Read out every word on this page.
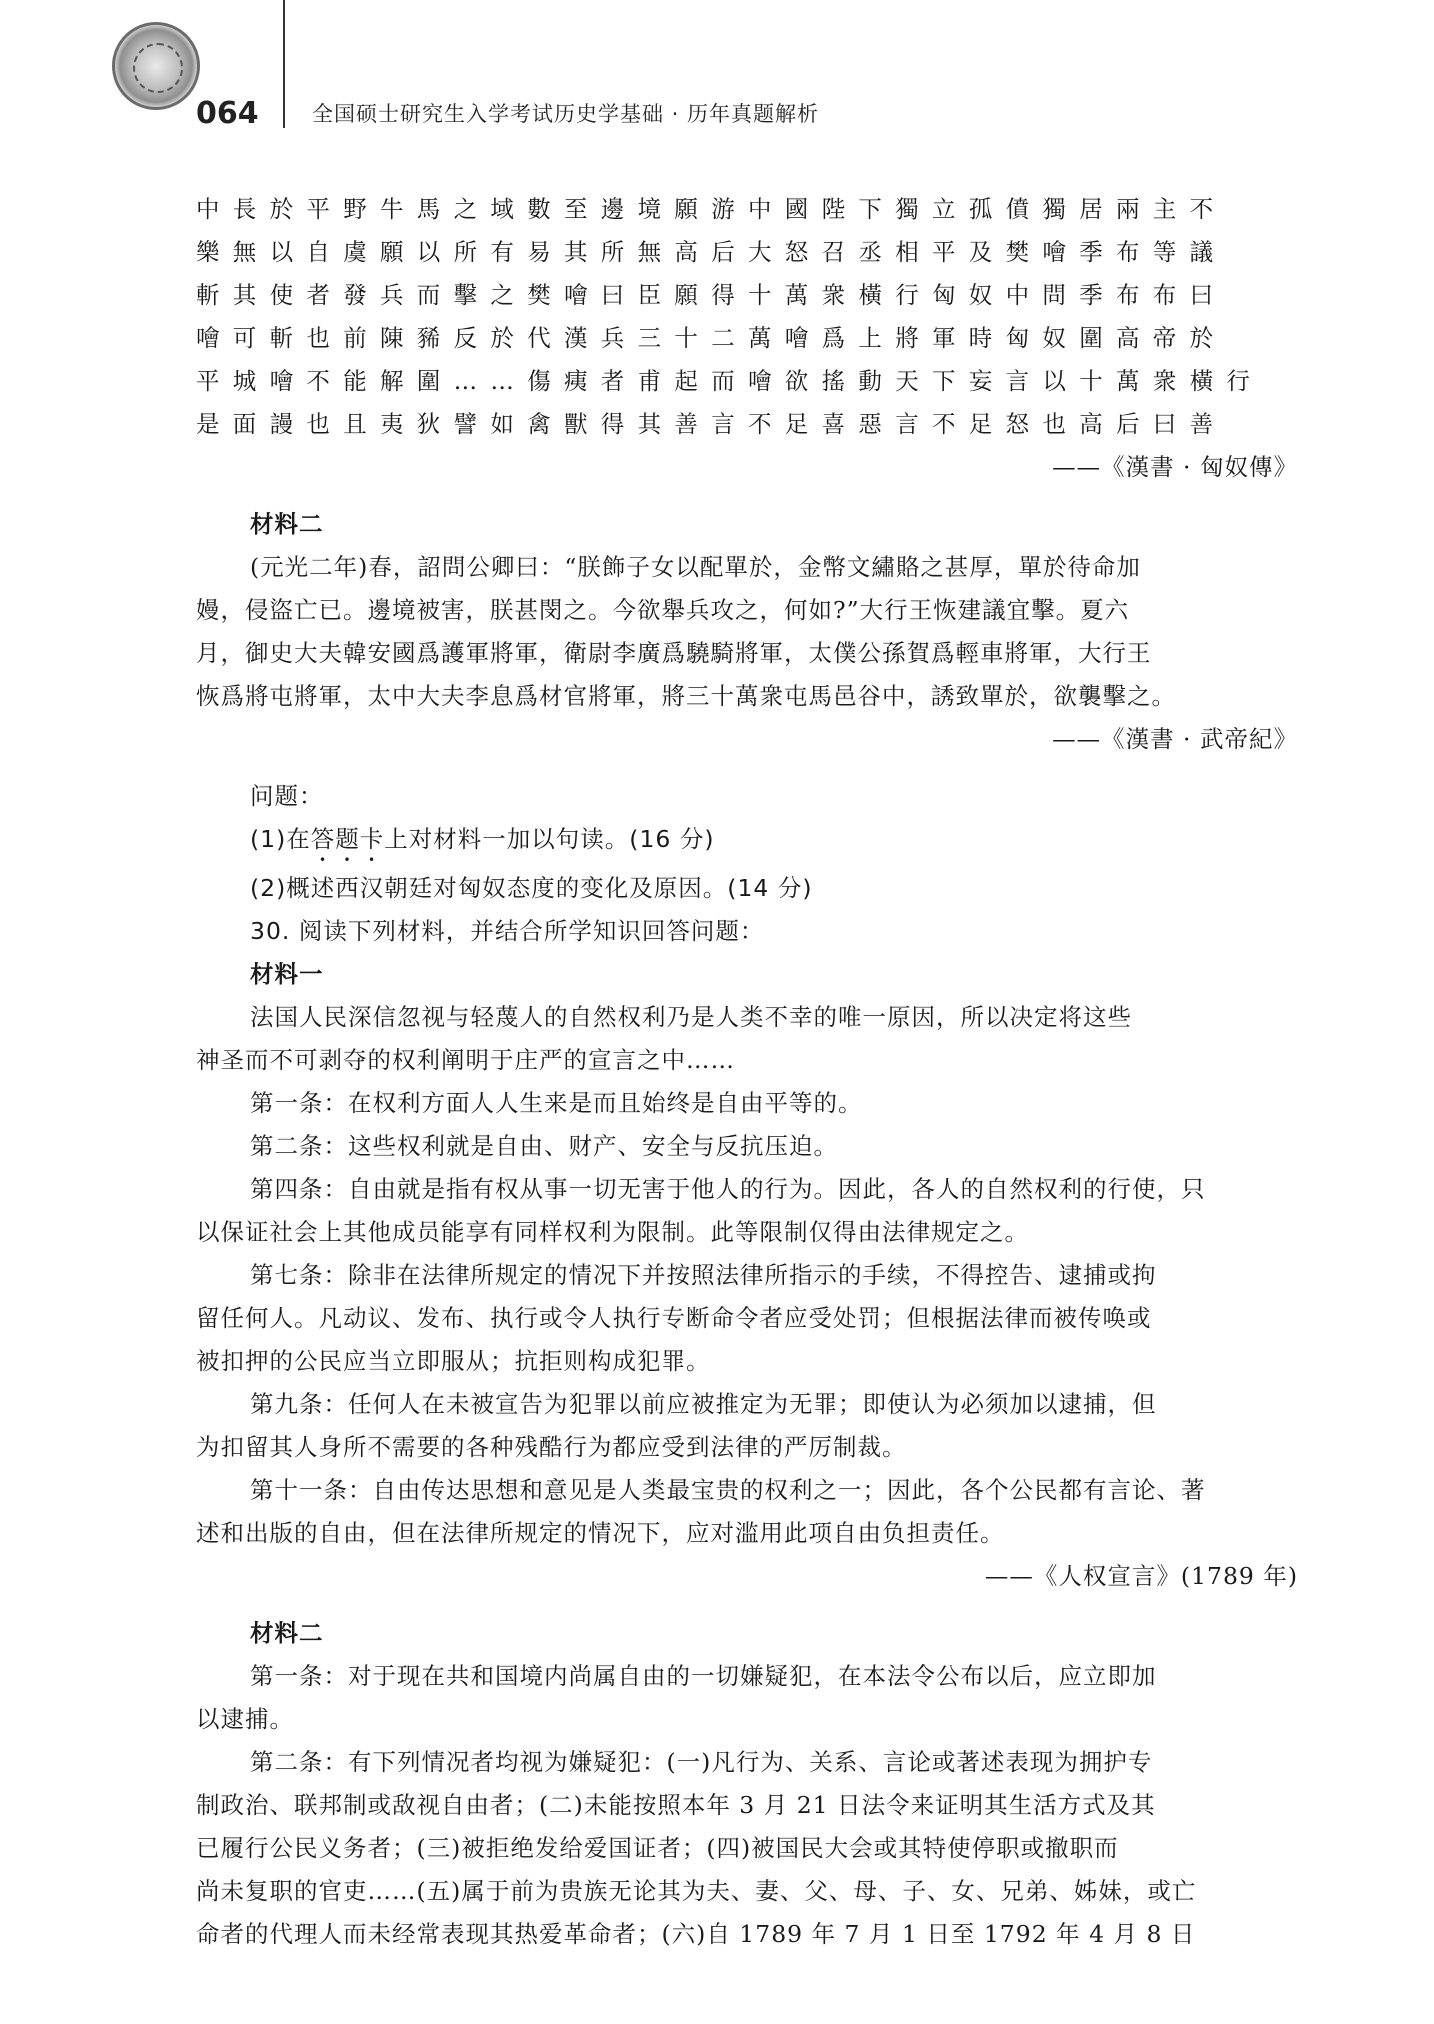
064	全国硕士研究生入学考试历史学基础 · 历年真题解析

中長於平野牛馬之域數至邊境願游中國陛下獨立孤僨獨居兩主不

樂無以自虞願以所有易其所無高后大怒召丞相平及樊噲季布等議

斬其使者發兵而擊之樊噲曰臣願得十萬衆橫行匈奴中問季布布曰

噲可斬也前陳豨反於代漢兵三十二萬噲爲上將軍時匈奴圍高帝於

平城噲不能解圍……傷痍者甫起而噲欲搖動天下妄言以十萬衆橫行

是面謾也且夷狄譬如禽獸得其善言不足喜惡言不足怒也高后曰善

——《漢書 · 匈奴傳》

材料二

(元光二年)春，詔問公卿曰：“朕飾子女以配單於，金幣文繡賂之甚厚，單於待命加

嫚，侵盜亡已。邊境被害，朕甚閔之。今欲舉兵攻之，何如?”大行王恢建議宜擊。夏六

月，御史大夫韓安國爲護軍將軍，衛尉李廣爲驍騎將軍，太僕公孫賀爲輕車將軍，大行王

恢爲將屯將軍，太中大夫李息爲材官將軍，將三十萬衆屯馬邑谷中，誘致單於，欲襲擊之。

——《漢書 · 武帝紀》

问题：

(1)在答题卡上对材料一加以句读。(16 分)

(2)概述西汉朝廷对匈奴态度的变化及原因。(14 分)

30. 阅读下列材料，并结合所学知识回答问题：

材料一

法国人民深信忽视与轻蔑人的自然权利乃是人类不幸的唯一原因，所以决定将这些

神圣而不可剥夺的权利阐明于庄严的宣言之中……

第一条：在权利方面人人生来是而且始终是自由平等的。

第二条：这些权利就是自由、财产、安全与反抗压迫。

第四条：自由就是指有权从事一切无害于他人的行为。因此，各人的自然权利的行使，只

以保证社会上其他成员能享有同样权利为限制。此等限制仅得由法律规定之。

第七条：除非在法律所规定的情况下并按照法律所指示的手续，不得控告、逮捕或拘

留任何人。凡动议、发布、执行或令人执行专断命令者应受处罚；但根据法律而被传唤或

被扣押的公民应当立即服从；抗拒则构成犯罪。

第九条：任何人在未被宣告为犯罪以前应被推定为无罪；即使认为必须加以逮捕，但

为扣留其人身所不需要的各种残酷行为都应受到法律的严厉制裁。

第十一条：自由传达思想和意见是人类最宝贵的权利之一；因此，各个公民都有言论、著

述和出版的自由，但在法律所规定的情况下，应对滥用此项自由负担责任。

——《人权宣言》(1789 年)

材料二

第一条：对于现在共和国境内尚属自由的一切嫌疑犯，在本法令公布以后，应立即加

以逮捕。

第二条：有下列情况者均视为嫌疑犯：(一)凡行为、关系、言论或著述表现为拥护专

制政治、联邦制或敌视自由者；(二)未能按照本年 3 月 21 日法令来证明其生活方式及其

已履行公民义务者；(三)被拒绝发给爱国证者；(四)被国民大会或其特使停职或撤职而

尚未复职的官吏……(五)属于前为贵族无论其为夫、妻、父、母、子、女、兄弟、姊妹，或亡

命者的代理人而未经常表现其热爱革命者；(六)自 1789 年 7 月 1 日至 1792 年 4 月 8 日
